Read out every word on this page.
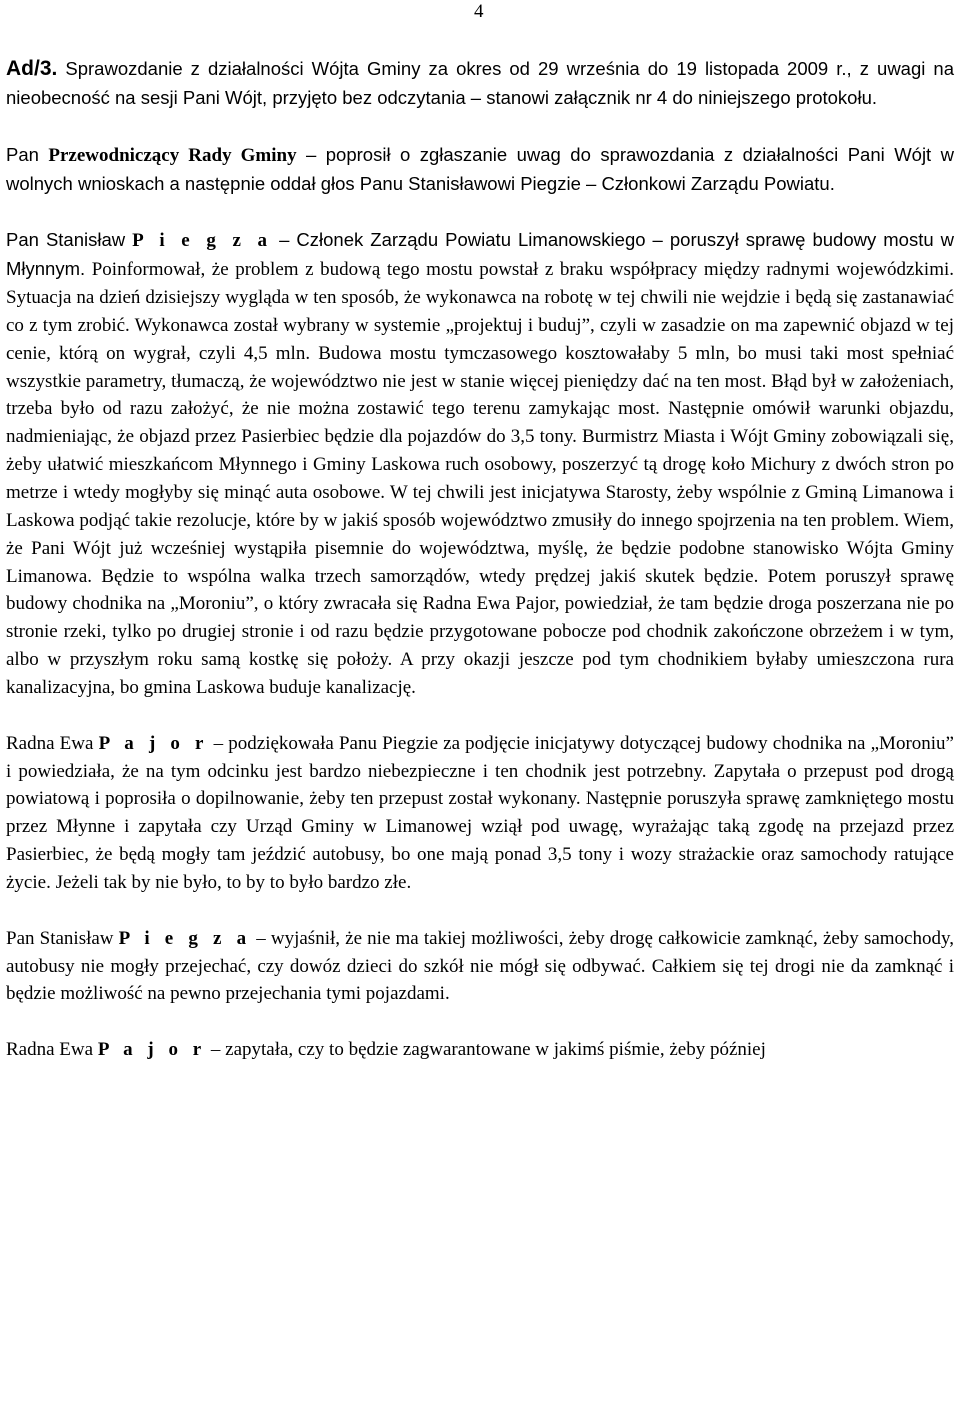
4

Ad/3. Sprawozdanie z działalności Wójta Gminy za okres od 29 września do 19 listopada 2009 r., z uwagi na nieobecność na sesji Pani Wójt, przyjęto bez odczytania – stanowi załącznik nr 4 do niniejszego protokołu.

Pan Przewodniczący Rady Gminy – poprosił o zgłaszanie uwag do sprawozdania z działalności Pani Wójt w wolnych wnioskach a następnie oddał głos Panu Stanisławowi Piegzie – Członkowi Zarządu Powiatu.

Pan Stanisław P i e g z a – Członek Zarządu Powiatu Limanowskiego – poruszył sprawę budowy mostu w Młynnym. Poinformował, że problem z budową tego mostu powstał z braku współpracy między radnymi wojewódzkimi. Sytuacja na dzień dzisiejszy wygląda w ten sposób, że wykonawca na robotę w tej chwili nie wejdzie i będą się zastanawiać co z tym zrobić. Wykonawca został wybrany w systemie „projektuj i buduj”, czyli w zasadzie on ma zapewnić objazd w tej cenie, którą on wygrał, czyli 4,5 mln. Budowa mostu tymczasowego kosztowałaby 5 mln, bo musi taki most spełniać wszystkie parametry, tłumaczą, że województwo nie jest w stanie więcej pieniędzy dać na ten most. Błąd był w założeniach, trzeba było od razu założyć, że nie można zostawić tego terenu zamykając most. Następnie omówił warunki objazdu, nadmieniając, że objazd przez Pasierbiec będzie dla pojazdów do 3,5 tony. Burmistrz Miasta i Wójt Gminy zobowiązali się, żeby ułatwić mieszkańcom Młynnego i Gminy Laskowa ruch osobowy, poszerzyć tą drogę koło Michury z dwóch stron po metrze i wtedy mogłyby się minąć auta osobowe. W tej chwili jest inicjatywa Starosty, żeby wspólnie z Gminą Limanowa i Laskowa podjąć takie rezolucje, które by w jakiś sposób województwo zmusiły do innego spojrzenia na ten problem. Wiem, że Pani Wójt już wcześniej wystąpiła pisemnie do województwa, myślę, że będzie podobne stanowisko Wójta Gminy Limanowa. Będzie to wspólna walka trzech samorządów, wtedy prędzej jakiś skutek będzie. Potem poruszył sprawę budowy chodnika na „Moroniu”, o który zwracała się Radna Ewa Pajor, powiedział, że tam będzie droga poszerzana nie po stronie rzeki, tylko po drugiej stronie i od razu będzie przygotowane pobocze pod chodnik zakończone obrzeżem i w tym, albo w przyszłym roku samą kostkę się położy. A przy okazji jeszcze pod tym chodnikiem byłaby umieszczona rura kanalizacyjna, bo gmina Laskowa buduje kanalizację.

Radna Ewa P a j o r – podziękowała Panu Piegzie za podjęcie inicjatywy dotyczącej budowy chodnika na „Moroniu” i powiedziała, że na tym odcinku jest bardzo niebezpieczne i ten chodnik jest potrzebny. Zapytała o przepust pod drogą powiatową i poprosiła o dopilnowanie, żeby ten przepust został wykonany. Następnie poruszyła sprawę zamkniętego mostu przez Młynne i zapytała czy Urząd Gminy w Limanowej wziął pod uwagę, wyrażając taką zgodę na przejazd przez Pasierbiec, że będą mogły tam jeździć autobusy, bo one mają ponad 3,5 tony i wozy strażackie oraz samochody ratujące życie. Jeżeli tak by nie było, to by to było bardzo złe.

Pan Stanisław P i e g z a – wyjaśnił, że nie ma takiej możliwości, żeby drogę całkowicie zamknąć, żeby samochody, autobusy nie mogły przejechać, czy dowóz dzieci do szkół nie mógł się odbywać. Całkiem się tej drogi nie da zamknąć i będzie możliwość na pewno przejechania tymi pojazdami.

Radna Ewa P a j o r – zapytała, czy to będzie zagwarantowane w jakimś piśmie, żeby później
